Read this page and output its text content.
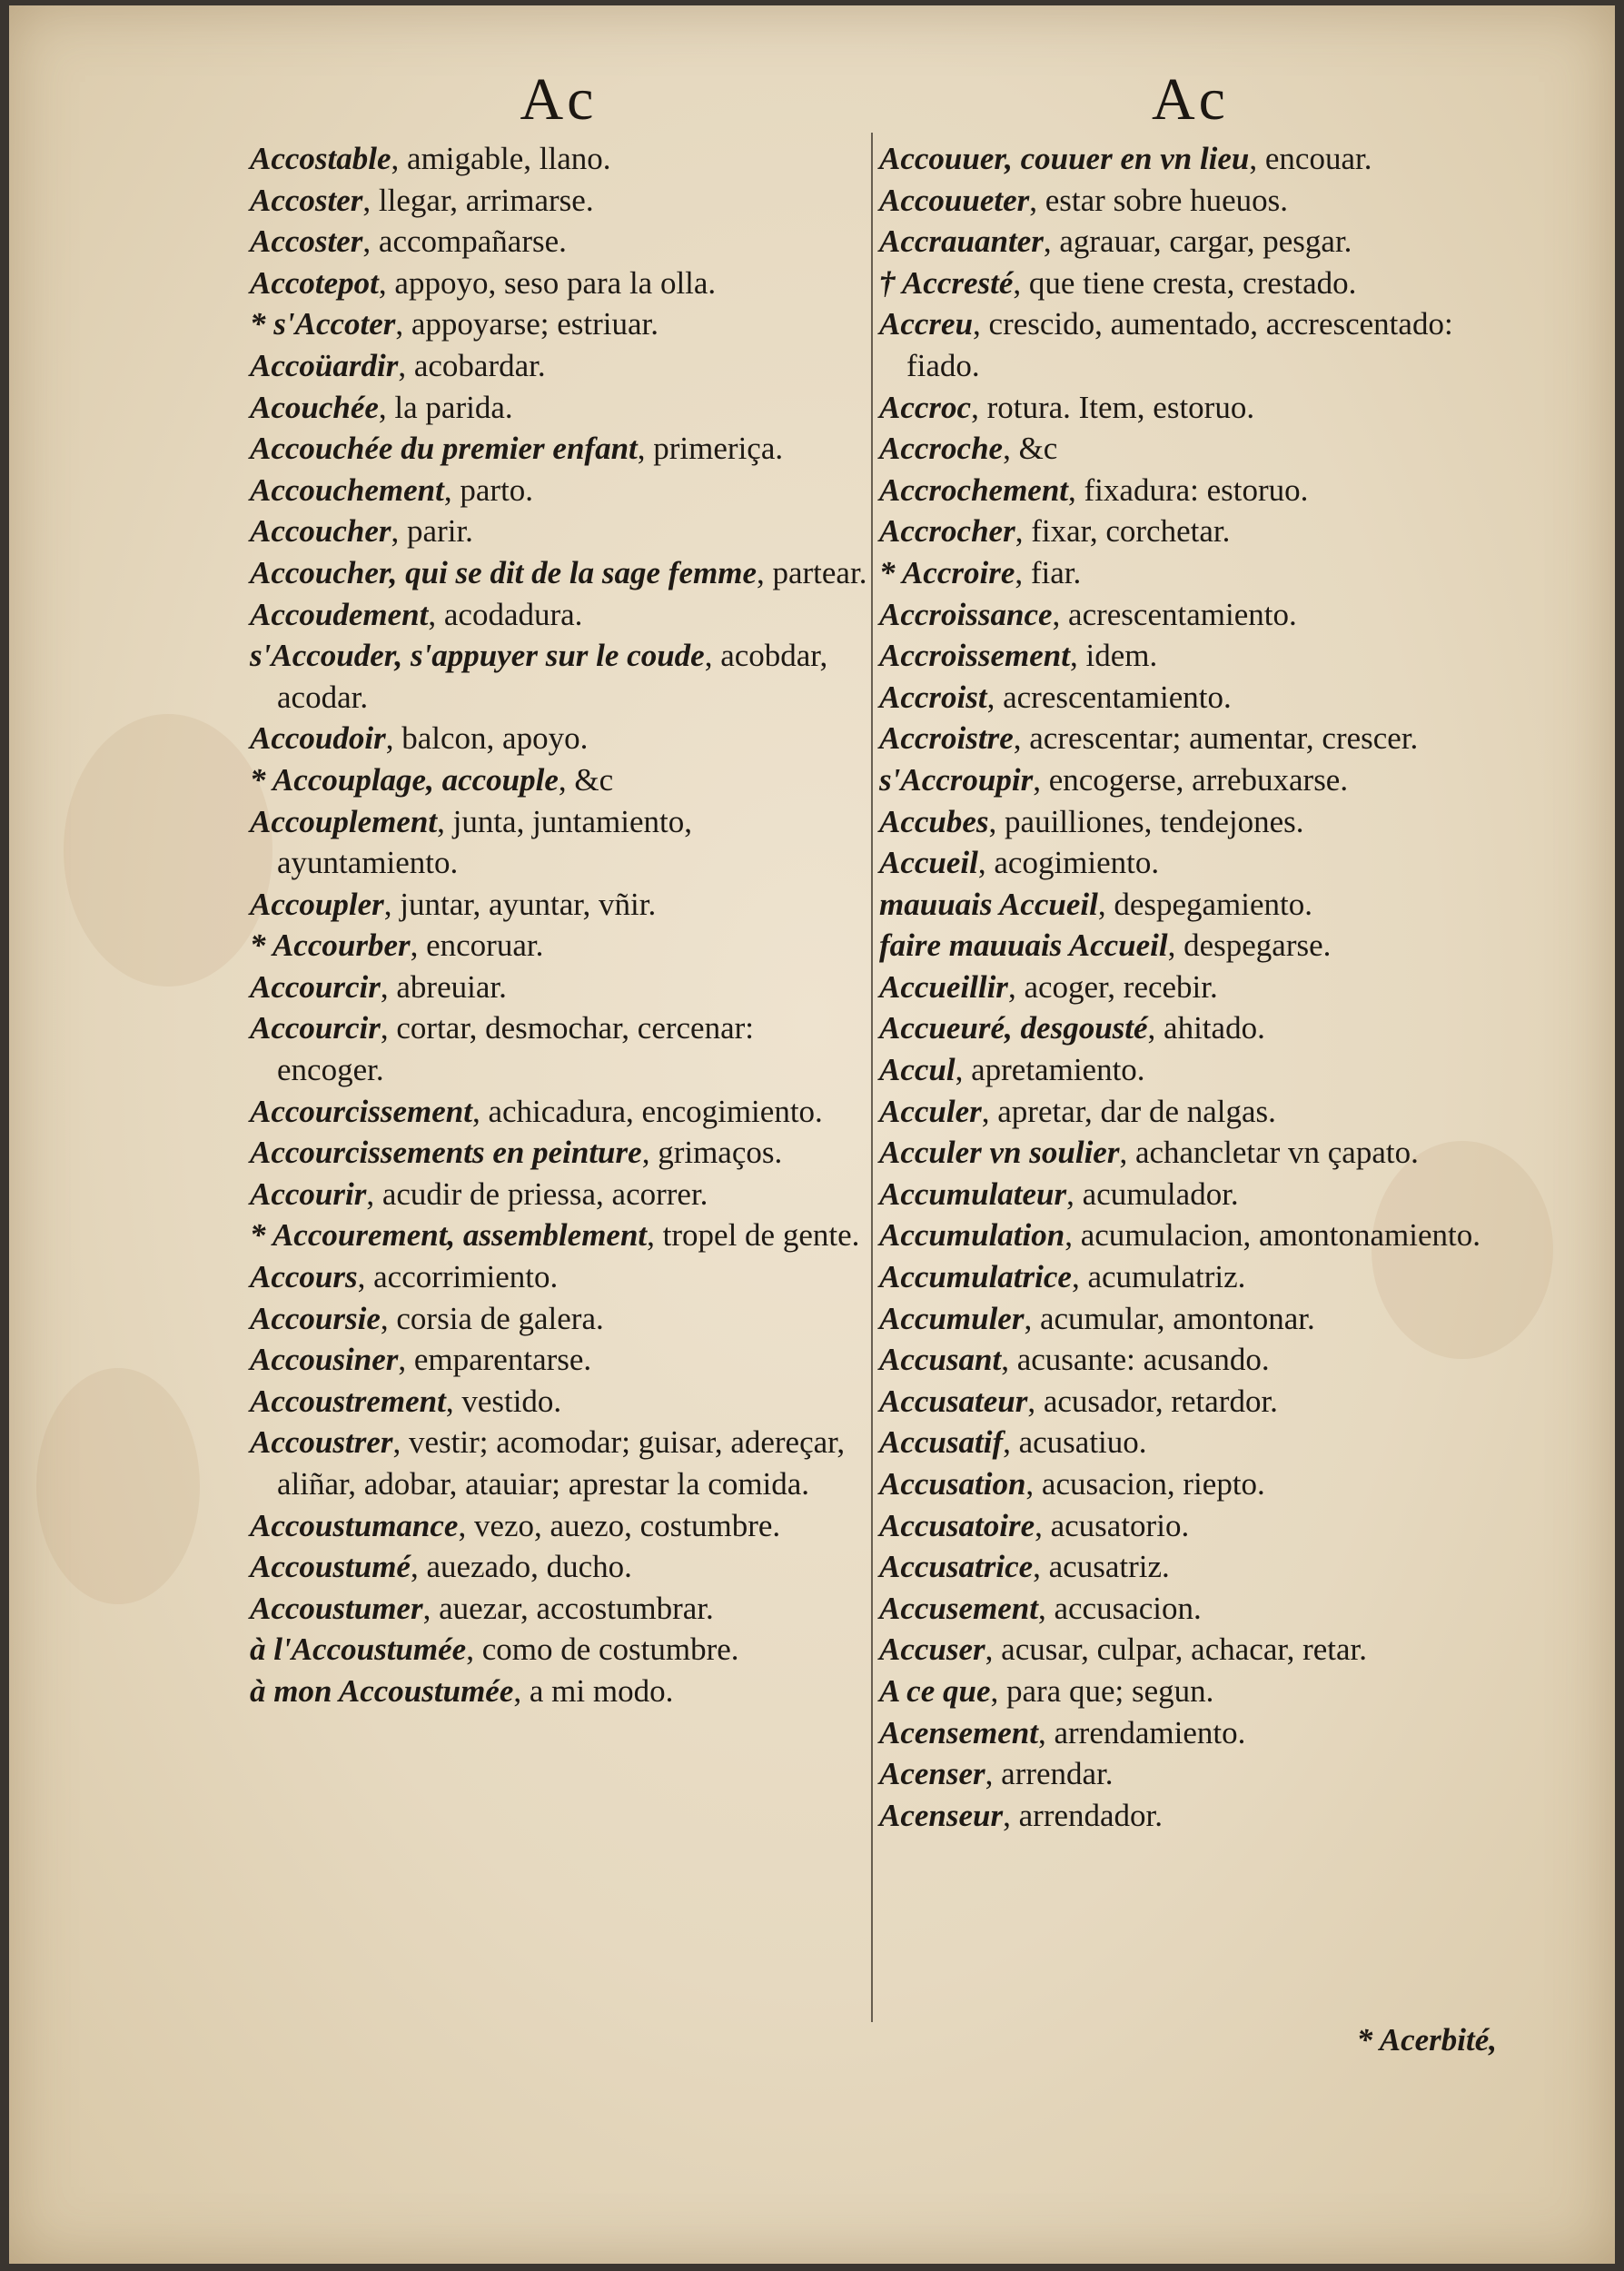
Ac
Accostable, amigable, llano.
Accoster, llegar, arrimarse.
Accoster, accompañarse.
Accotepot, appoyo, seso para la olla.
* s'Accoter, appoyarse; estriuar.
Accoüardir, acobardar.
Acouchée, la parida.
Accouchée du premier enfant, primeriça.
Accouchement, parto.
Accoucher, parir.
Accoucher, qui se dit de la sage femme, partear.
Accoudement, acodadura.
s'Accouder, s'appuyer sur le coude, acobdar, acodar.
Accoudoir, balcon, apoyo.
* Accouplage, accouple, &c
Accouplement, junta, juntamiento, ayuntamiento.
Accoupler, juntar, ayuntar, vñir.
* Accourber, encoruar.
Accourcir, abreuiar.
Accourcir, cortar, desmochar, cercenar: encoger.
Accourcissement, achicadura, encogimiento.
Accourcissements en peinture, grimaços.
Accourir, acudir de priessa, acorrer.
* Accourement, assemblement, tropel de gente.
Accours, accorrimiento.
Accoursie, corsia de galera.
Accousiner, emparentarse.
Accoustrement, vestido.
Accoustrer, vestir; acomodar; guisar, adereçar, aliñar, adobar, atauiar; aprestar la comida.
Accoustumance, vezo, auezo, costumbre.
Accoustumé, auezado, ducho.
Accoustumer, auezar, accostumbrar.
à l'Accoustumée, como de costumbre.
à mon Accoustumée, a mi modo.
Ac
Accouuer, couuer en vn lieu, encouar.
Accouueter, estar sobre hueuos.
Accrauanter, agrauar, cargar, pesgar.
† Accresté, que tiene cresta, crestado.
Accreu, crescido, aumentado, accrescentado: fiado.
Accroc, rotura. Item, estoruo.
Accroche, &c
Accrochement, fixadura: estoruo.
Accrocher, fixar, corchetar.
* Accroire, fiar.
Accroissance, acrescentamiento.
Accroissement, idem.
Accroist, acrescentamiento.
Accroistre, acrescentar; aumentar, crescer.
s'Accroupir, encogerse, arrebuxarse.
Accubes, pauilliones, tendejones.
Accueil, acogimiento.
mauuais Accueil, despegamiento.
faire mauuais Accueil, despegarse.
Accueillir, acoger, recebir.
Accueuré, desgousté, ahitado.
Accul, apretamiento.
Acculer, apretar, dar de nalgas.
Acculer vn soulier, achancletar vn çapato.
Accumulateur, acumulador.
Accumulation, acumulacion, amontonamiento.
Accumulatrice, acumulatriz.
Accumuler, acumular, amontonar.
Accusant, acusante: acusando.
Accusateur, acusador, retardor.
Accusatif, acusatiuo.
Accusation, acusacion, riepto.
Accusatoire, acusatorio.
Accusatrice, acusatriz.
Accusement, accusacion.
Accuser, acusar, culpar, achacar, retar.
A ce que, para que; segun.
Acensement, arrendamiento.
Acenser, arrendar.
Acenseur, arrendador.
* Acerbité,
